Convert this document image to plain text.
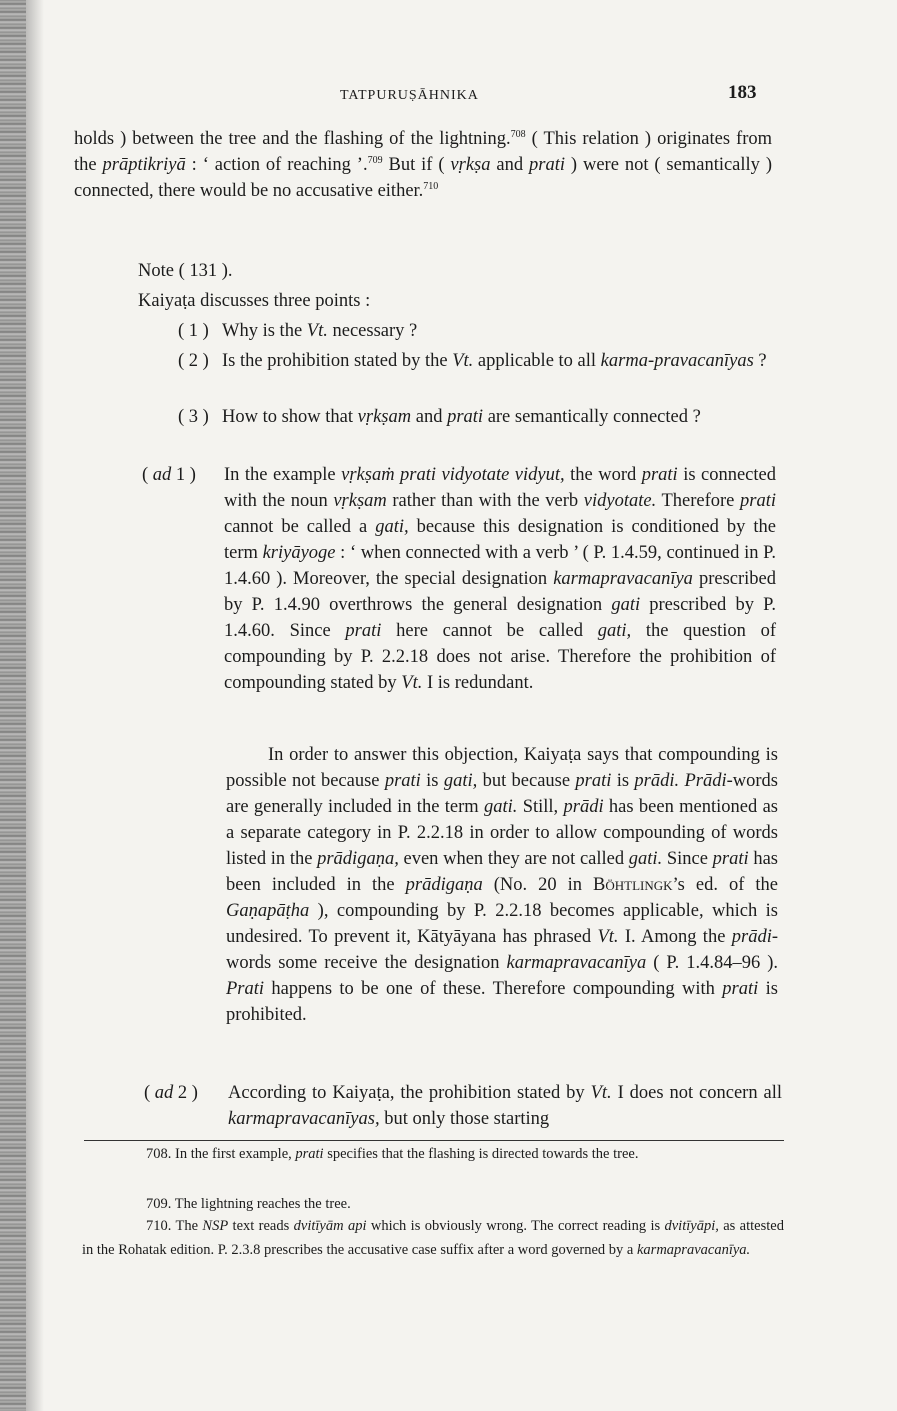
TATPURUṢĀHNIKA	183
holds ) between the tree and the flashing of the lightning.$^{708}$ ( This relation ) originates from the prāptikriyā : ‘ action of reaching ’.$^{709}$ But if ( vṛkṣa and prati ) were not ( semantically ) connected, there would be no accusative either.$^{710}$
Note ( 131 ).
Kaiyaṭa discusses three points :
( 1 ) Why is the Vt. necessary ?
( 2 ) Is the prohibition stated by the Vt. applicable to all karma-pravacanīyas ?
( 3 ) How to show that vṛkṣam and prati are semantically connected ?
( ad 1 ) In the example vṛkṣaṁ prati vidyotate vidyut, the word prati is connected with the noun vṛkṣam rather than with the verb vidyotate. Therefore prati cannot be called a gati, because this designation is conditioned by the term kriyāyoge : ‘ when connected with a verb ’ ( P. 1.4.59, continued in P. 1.4.60 ). Moreover, the special designation karmapravacanīya prescribed by P. 1.4.90 overthrows the general designation gati prescribed by P. 1.4.60. Since prati here cannot be called gati, the question of compounding by P. 2.2.18 does not arise. Therefore the prohibition of compounding stated by Vt. I is redundant.
In order to answer this objection, Kaiyaṭa says that compounding is possible not because prati is gati, but because prati is prādi. Prādi-words are generally included in the term gati. Still, prādi has been mentioned as a separate category in P. 2.2.18 in order to allow compounding of words listed in the prādigaṇa, even when they are not called gati. Since prati has been included in the prādigaṇa (No. 20 in Böhtlingk’s ed. of the Gaṇapāṭha ), compounding by P. 2.2.18 becomes applicable, which is undesired. To prevent it, Kātyāyana has phrased Vt. I. Among the prādi-words some receive the designation karmapravacanīya ( P. 1.4.84–96 ). Prati happens to be one of these. Therefore compounding with prati is prohibited.
( ad 2 ) According to Kaiyaṭa, the prohibition stated by Vt. I does not concern all karmapravacanīyas, but only those starting
708. In the first example, prati specifies that the flashing is directed towards the tree.
709. The lightning reaches the tree.
710. The NSP text reads dvitīyām api which is obviously wrong. The correct reading is dvitīyāpi, as attested in the Rohatak edition. P. 2.3.8 prescribes the accusative case suffix after a word governed by a karmapravacanīya.
